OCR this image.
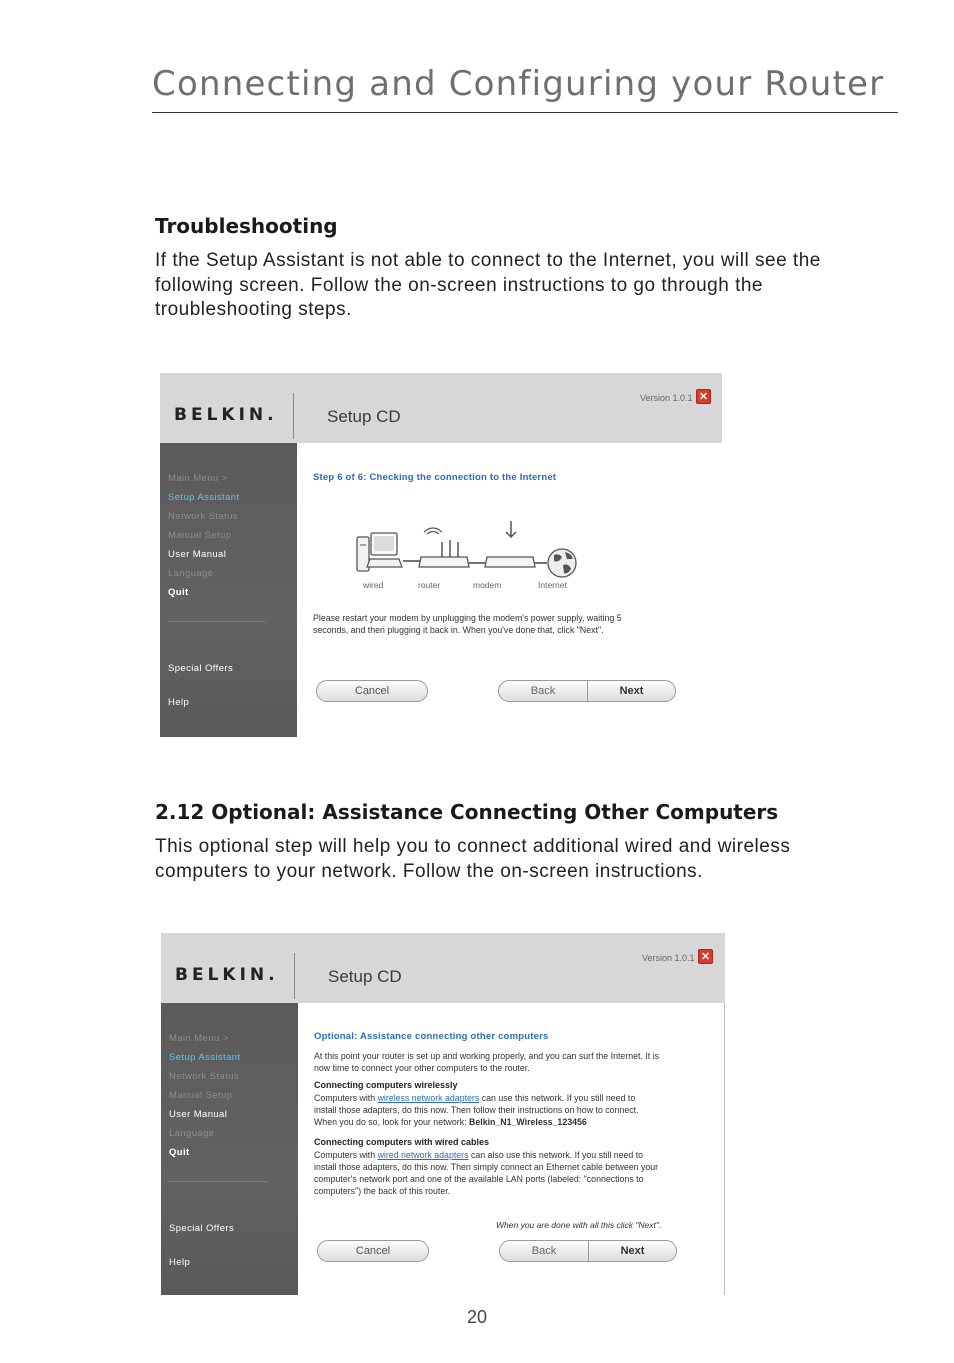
Connecting and Configuring your Router
Troubleshooting

If the Setup Assistant is not able to connect to the Internet, you will see the following screen. Follow the on-screen instructions to go through the troubleshooting steps.

BELKIN.	Setup CD
Version 1.0.1 ✕
Main Menu >
Setup Assistant
Network Status
Manual Setup
User Manual
Language
Quit
Special Offers
Help
Step 6 of 6: Checking the connection to the Internet
wired	router	modem	Internet
Please restart your modem by unplugging the modem's power supply, waiting 5 seconds, and then plugging it back in. When you've done that, click "Next".
Cancel	Back	Next
2.12 Optional: Assistance Connecting Other Computers

This optional step will help you to connect additional wired and wireless computers to your network. Follow the on-screen instructions.

BELKIN.	Setup CD
Version 1.0.1 ✕
Main Menu >
Setup Assistant
Network Status
Manual Setup
User Manual
Language
Quit
Special Offers
Help
Optional: Assistance connecting other computers
At this point your router is set up and working properly, and you can surf the Internet. It is now time to connect your other computers to the router.
Connecting computers wirelessly
Computers with wireless network adapters can use this network. If you still need to install those adapters, do this now. Then follow their instructions on how to connect. When you do so, look for your network: Belkin_N1_Wireless_123456
Connecting computers with wired cables
Computers with wired network adapters can also use this network. If you still need to install those adapters, do this now. Then simply connect an Ethernet cable between your computer's network port and one of the available LAN ports (labeled: "connections to computers") the back of this router.
When you are done with all this click "Next".
Cancel	Back	Next
20
